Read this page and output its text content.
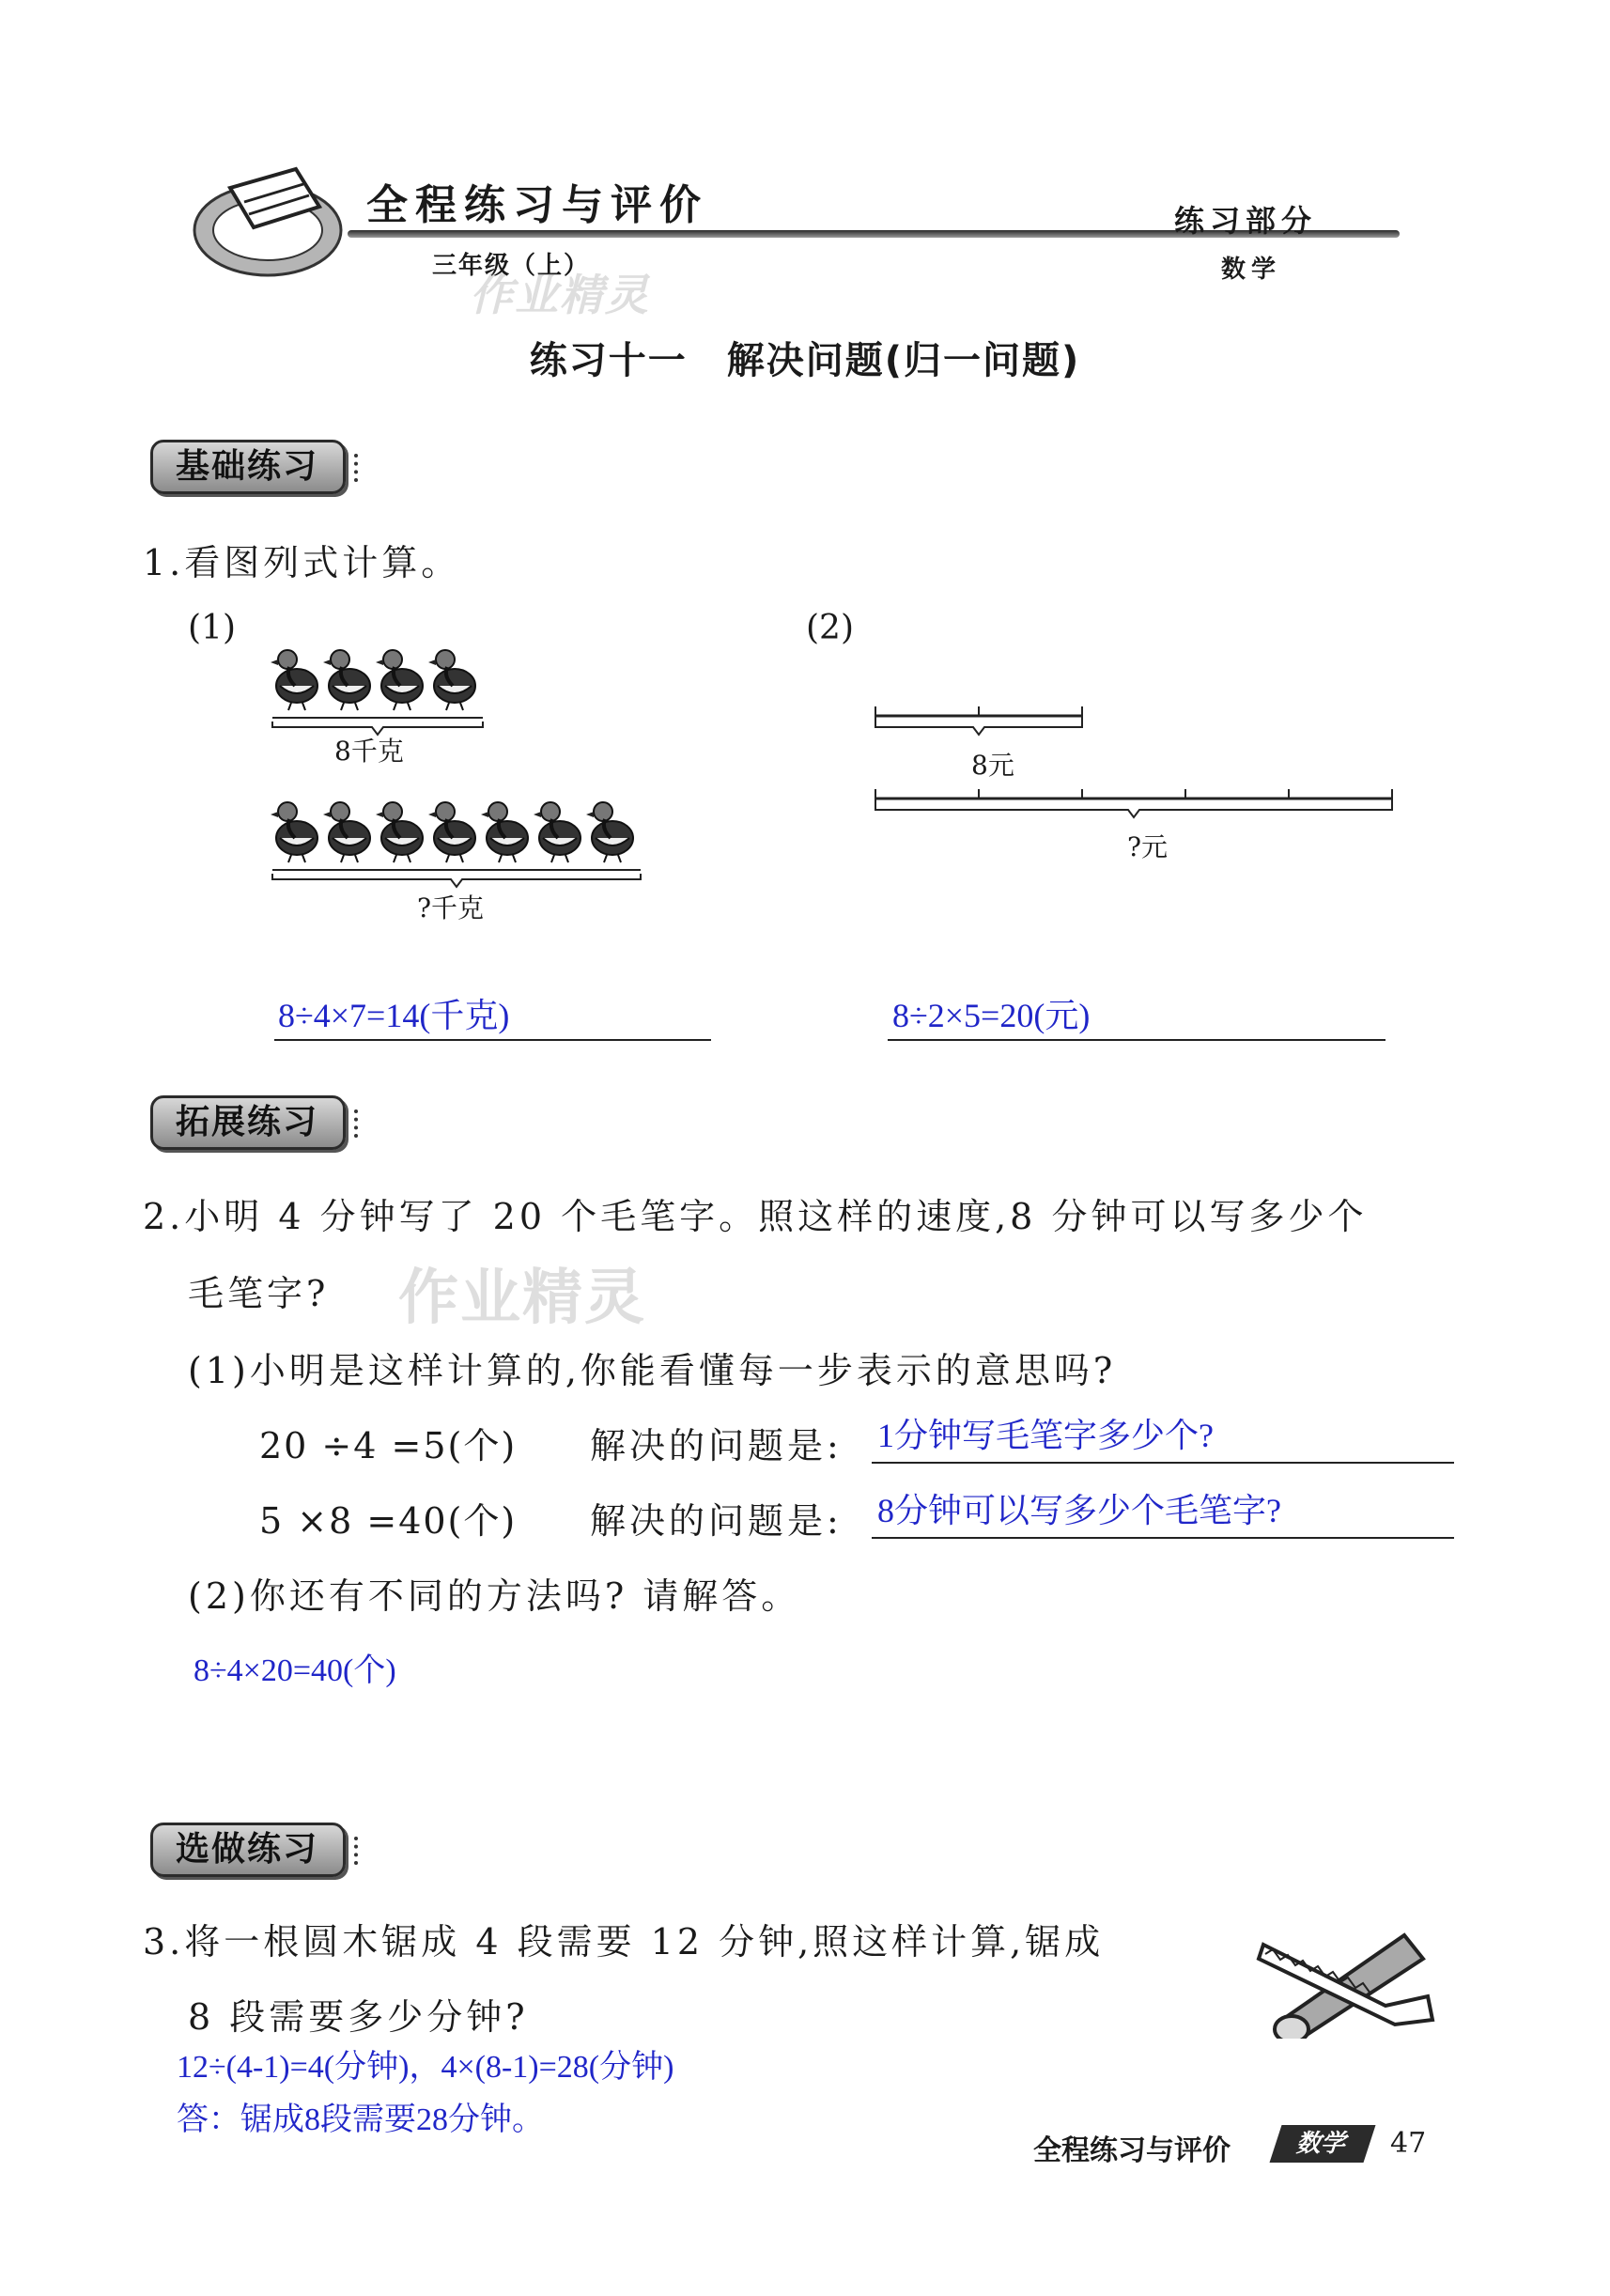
全程练习与评价
三年级（上）
练习部分
数学
作业精灵
练习十一　解决问题(归一问题)
基础练习
1.看图列式计算。
(1)
8千克
?千克
8÷4×7=14(千克)
(2)
8元
?元
8÷2×5=20(元)
拓展练习
2.小明 4 分钟写了 20 个毛笔字。照这样的速度,8 分钟可以写多少个
毛笔字? 作业精灵
(1)小明是这样计算的,你能看懂每一步表示的意思吗?
20 ÷4 =5(个) 解决的问题是: 1分钟写毛笔字多少个?
5 ×8 =40(个) 解决的问题是: 8分钟可以写多少个毛笔字?
(2)你还有不同的方法吗? 请解答。
8÷4×20=40(个)
选做练习
3.将一根圆木锯成 4 段需要 12 分钟,照这样计算,锯成
8 段需要多少分钟?
12÷(4-1)=4(分钟)，4×(8-1)=28(分钟)
答：锯成8段需要28分钟。
全程练习与评价	数学	47
